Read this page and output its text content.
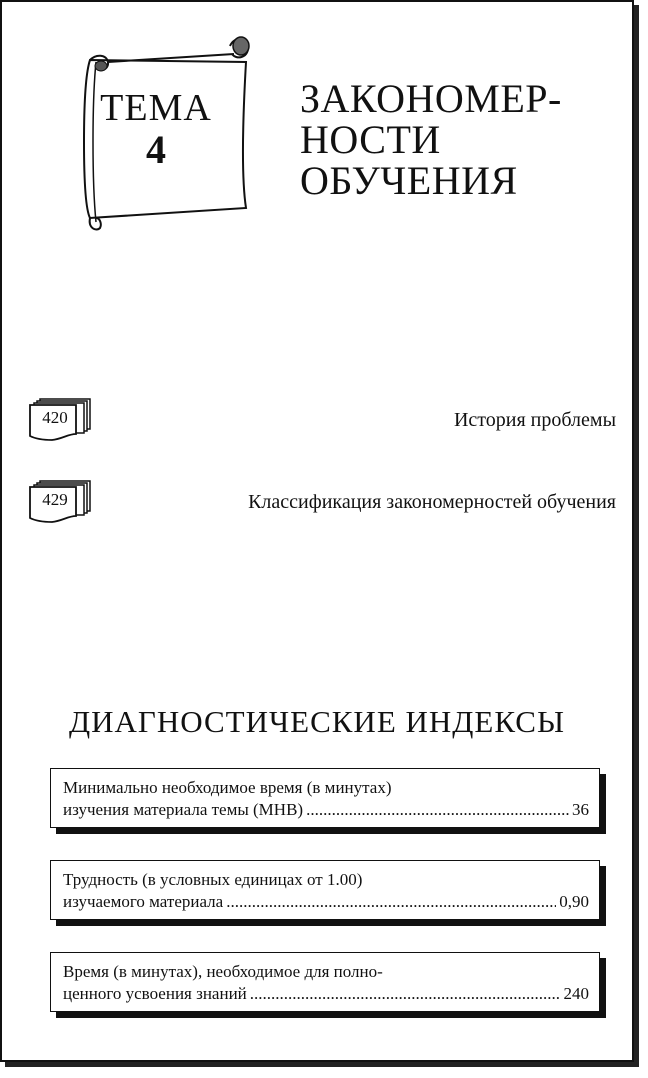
ТЕМА
4
ЗАКОНОМЕР-
НОСТИ
ОБУЧЕНИЯ
420	История проблемы
429	Классификация закономерностей обучения
ДИАГНОСТИЧЕСКИЕ ИНДЕКСЫ
Минимально необходимое время (в минутах)
изучения материала темы (МНВ) .....	36
Трудность (в условных единицах от 1.00)
изучаемого материала .....	0,90
Время (в минутах), необходимое для полно-
ценного усвоения знаний .....	240
